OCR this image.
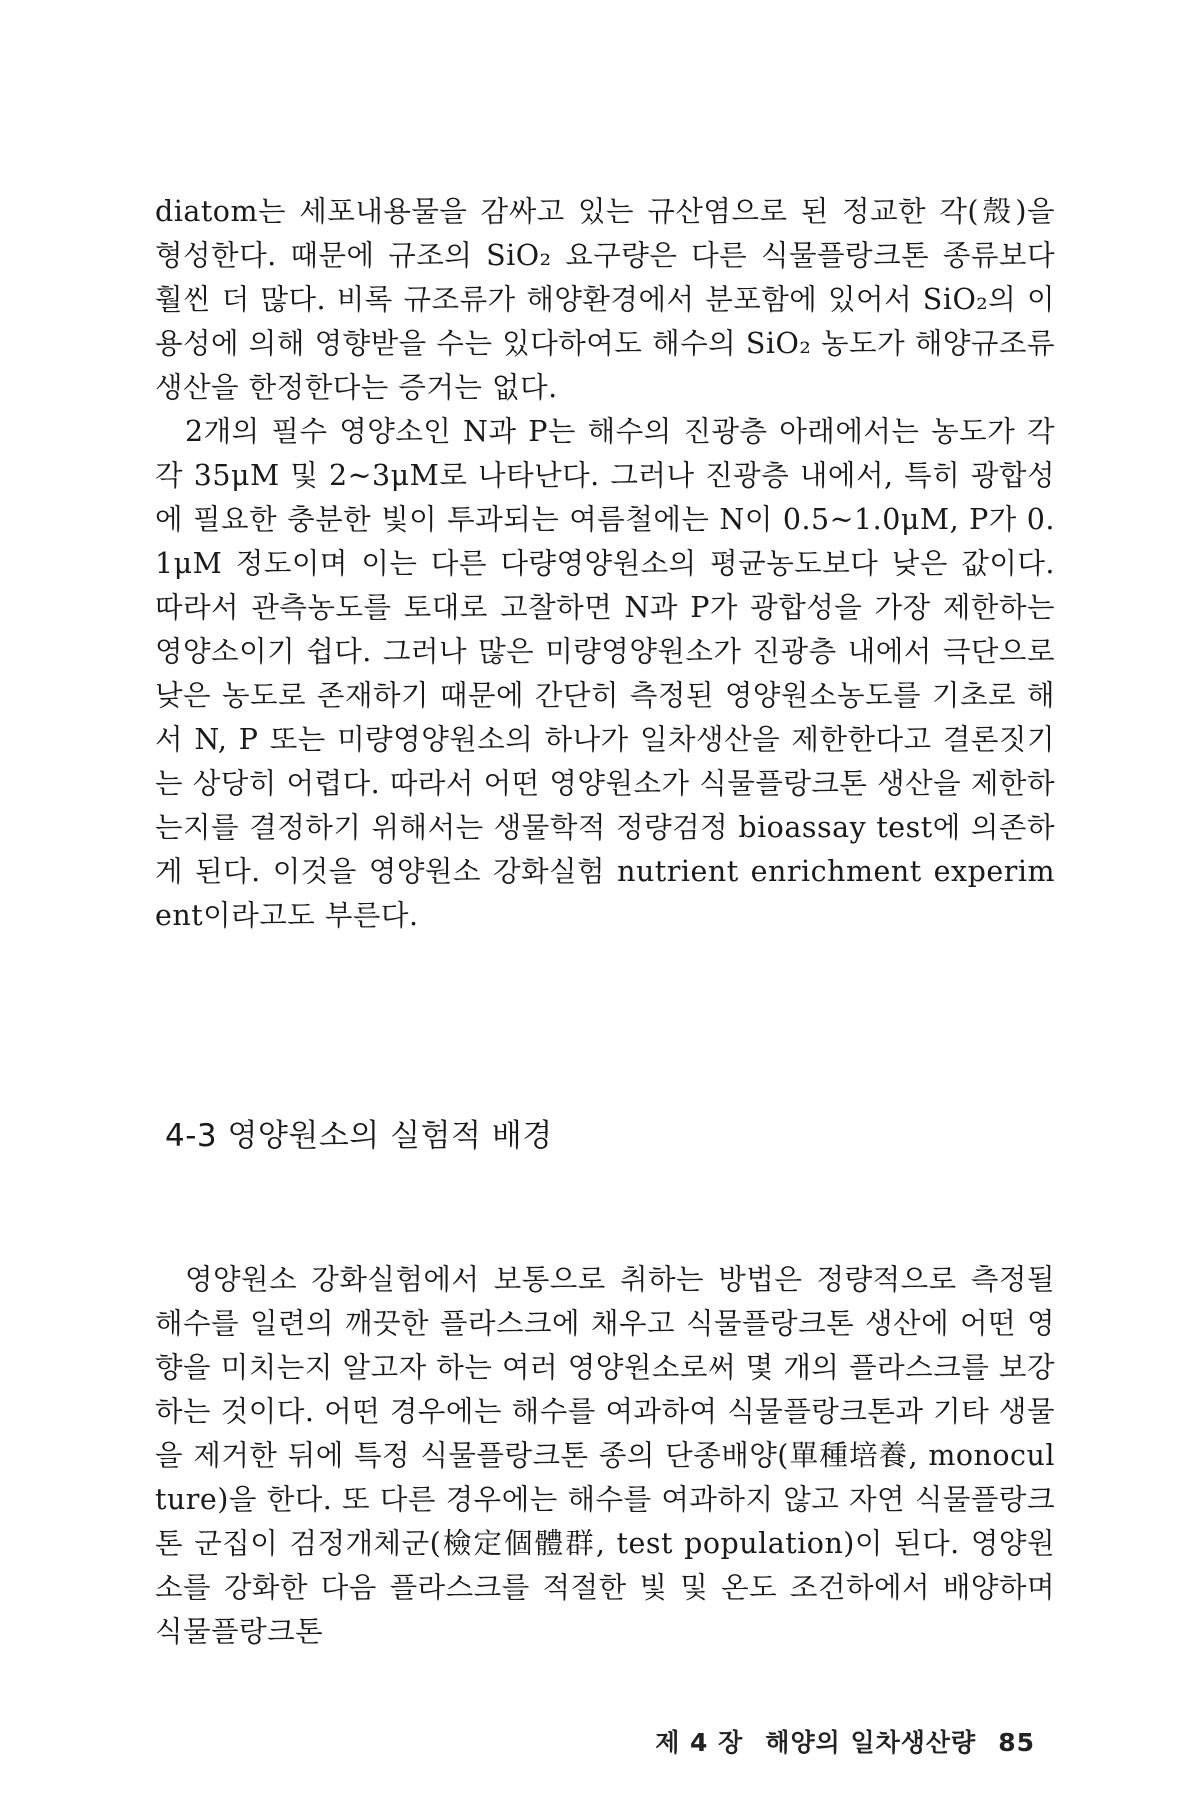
diatom는 세포내용물을 감싸고 있는 규산염으로 된 정교한 각(殼)을 형성한다. 때문에 규조의 SiO₂ 요구량은 다른 식물플랑크톤 종류보다 훨씬 더 많다. 비록 규조류가 해양환경에서 분포함에 있어서 SiO₂의 이용성에 의해 영향받을 수는 있다하여도 해수의 SiO₂ 농도가 해양규조류 생산을 한정한다는 증거는 없다.

2개의 필수 영양소인 N과 P는 해수의 진광층 아래에서는 농도가 각각 35μM 및 2~3μM로 나타난다. 그러나 진광층 내에서, 특히 광합성에 필요한 충분한 빛이 투과되는 여름철에는 N이 0.5~1.0μM, P가 0.1μM 정도이며 이는 다른 다량영양원소의 평균농도보다 낮은 값이다. 따라서 관측농도를 토대로 고찰하면 N과 P가 광합성을 가장 제한하는 영양소이기 쉽다. 그러나 많은 미량영양원소가 진광층 내에서 극단으로 낮은 농도로 존재하기 때문에 간단히 측정된 영양원소농도를 기초로 해서 N, P 또는 미량영양원소의 하나가 일차생산을 제한한다고 결론짓기는 상당히 어렵다. 따라서 어떤 영양원소가 식물플랑크톤 생산을 제한하는지를 결정하기 위해서는 생물학적 정량검정 bioassay test에 의존하게 된다. 이것을 영양원소 강화실험 nutrient enrichment experiment이라고도 부른다.

4-3 영양원소의 실험적 배경

영양원소 강화실험에서 보통으로 취하는 방법은 정량적으로 측정될 해수를 일련의 깨끗한 플라스크에 채우고 식물플랑크톤 생산에 어떤 영향을 미치는지 알고자 하는 여러 영양원소로써 몇 개의 플라스크를 보강하는 것이다. 어떤 경우에는 해수를 여과하여 식물플랑크톤과 기타 생물을 제거한 뒤에 특정 식물플랑크톤 종의 단종배양(單種培養, monoculture)을 한다. 또 다른 경우에는 해수를 여과하지 않고 자연 식물플랑크톤 군집이 검정개체군(檢定個體群, test population)이 된다. 영양원소를 강화한 다음 플라스크를 적절한 빛 및 온도 조건하에서 배양하며 식물플랑크톤

제 4 장 해양의 일차생산량 85
